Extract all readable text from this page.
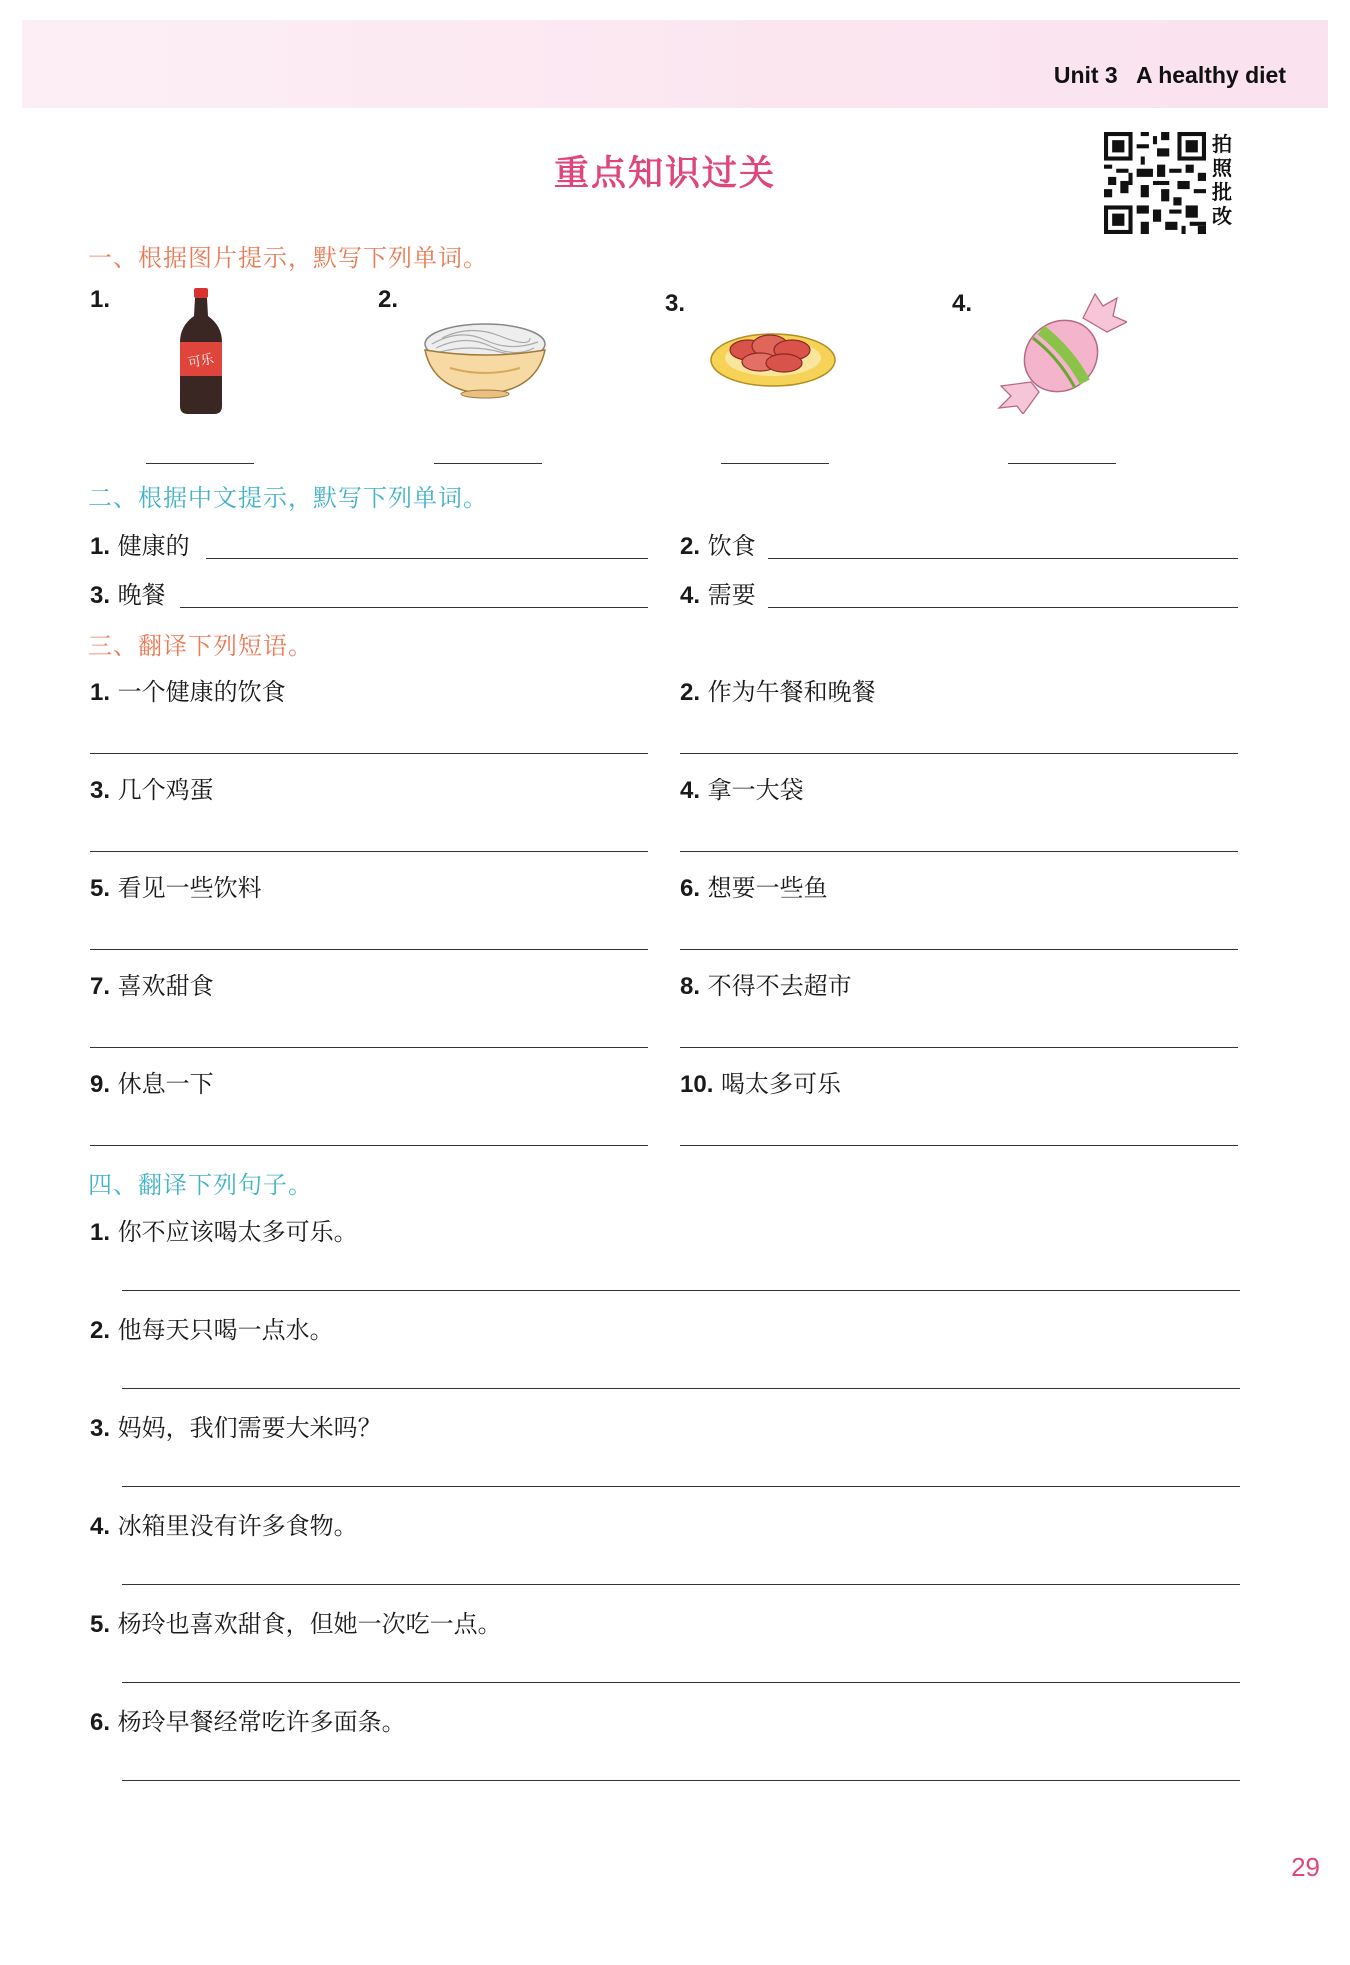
Unit 3 A healthy diet
重点知识过关
拍
照
批
改
一、根据图片提示，默写下列单词。
1.	2.	3.	4.
可乐
二、根据中文提示，默写下列单词。
1. 健康的	2. 饮食
3. 晚餐	4. 需要
三、翻译下列短语。
1. 一个健康的饮食	2. 作为午餐和晚餐
3. 几个鸡蛋	4. 拿一大袋
5. 看见一些饮料	6. 想要一些鱼
7. 喜欢甜食	8. 不得不去超市
9. 休息一下	10. 喝太多可乐
四、翻译下列句子。
1. 你不应该喝太多可乐。
2. 他每天只喝一点水。
3. 妈妈，我们需要大米吗？
4. 冰箱里没有许多食物。
5. 杨玲也喜欢甜食，但她一次吃一点。
6. 杨玲早餐经常吃许多面条。
29
